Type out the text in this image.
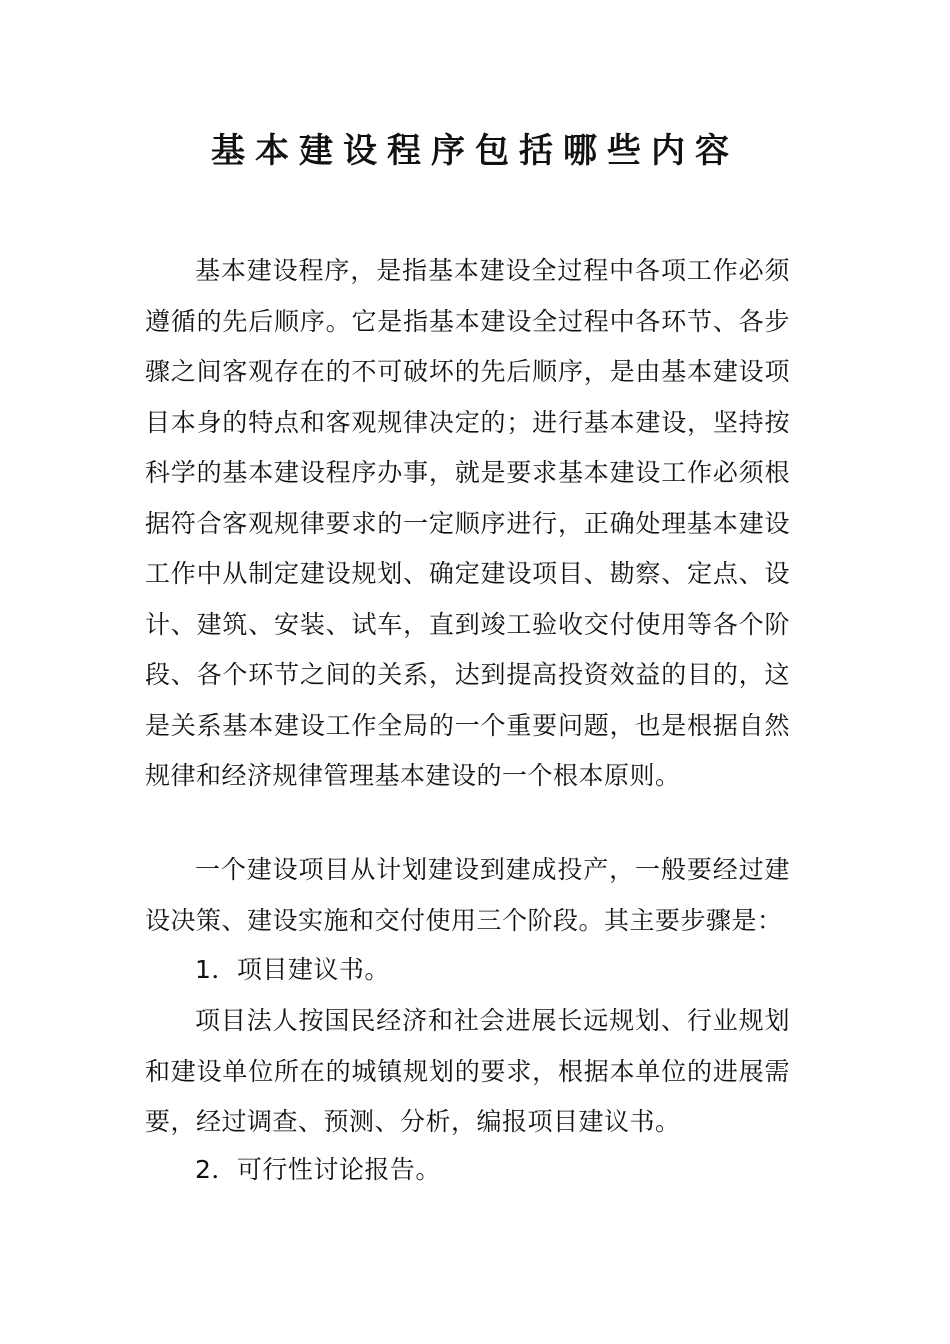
基本建设程序包括哪些内容

基本建设程序，是指基本建设全过程中各项工作必须遵循的先后顺序。它是指基本建设全过程中各环节、各步骤之间客观存在的不可破坏的先后顺序，是由基本建设项目本身的特点和客观规律决定的；进行基本建设，坚持按科学的基本建设程序办事，就是要求基本建设工作必须根据符合客观规律要求的一定顺序进行，正确处理基本建设工作中从制定建设规划、确定建设项目、勘察、定点、设计、建筑、安装、试车，直到竣工验收交付使用等各个阶段、各个环节之间的关系，达到提高投资效益的目的，这是关系基本建设工作全局的一个重要问题，也是根据自然规律和经济规律管理基本建设的一个根本原则。

一个建设项目从计划建设到建成投产，一般要经过建设决策、建设实施和交付使用三个阶段。其主要步骤是：

1．项目建议书。

项目法人按国民经济和社会进展长远规划、行业规划和建设单位所在的城镇规划的要求，根据本单位的进展需要，经过调查、预测、分析，编报项目建议书。

2．可行性讨论报告。
